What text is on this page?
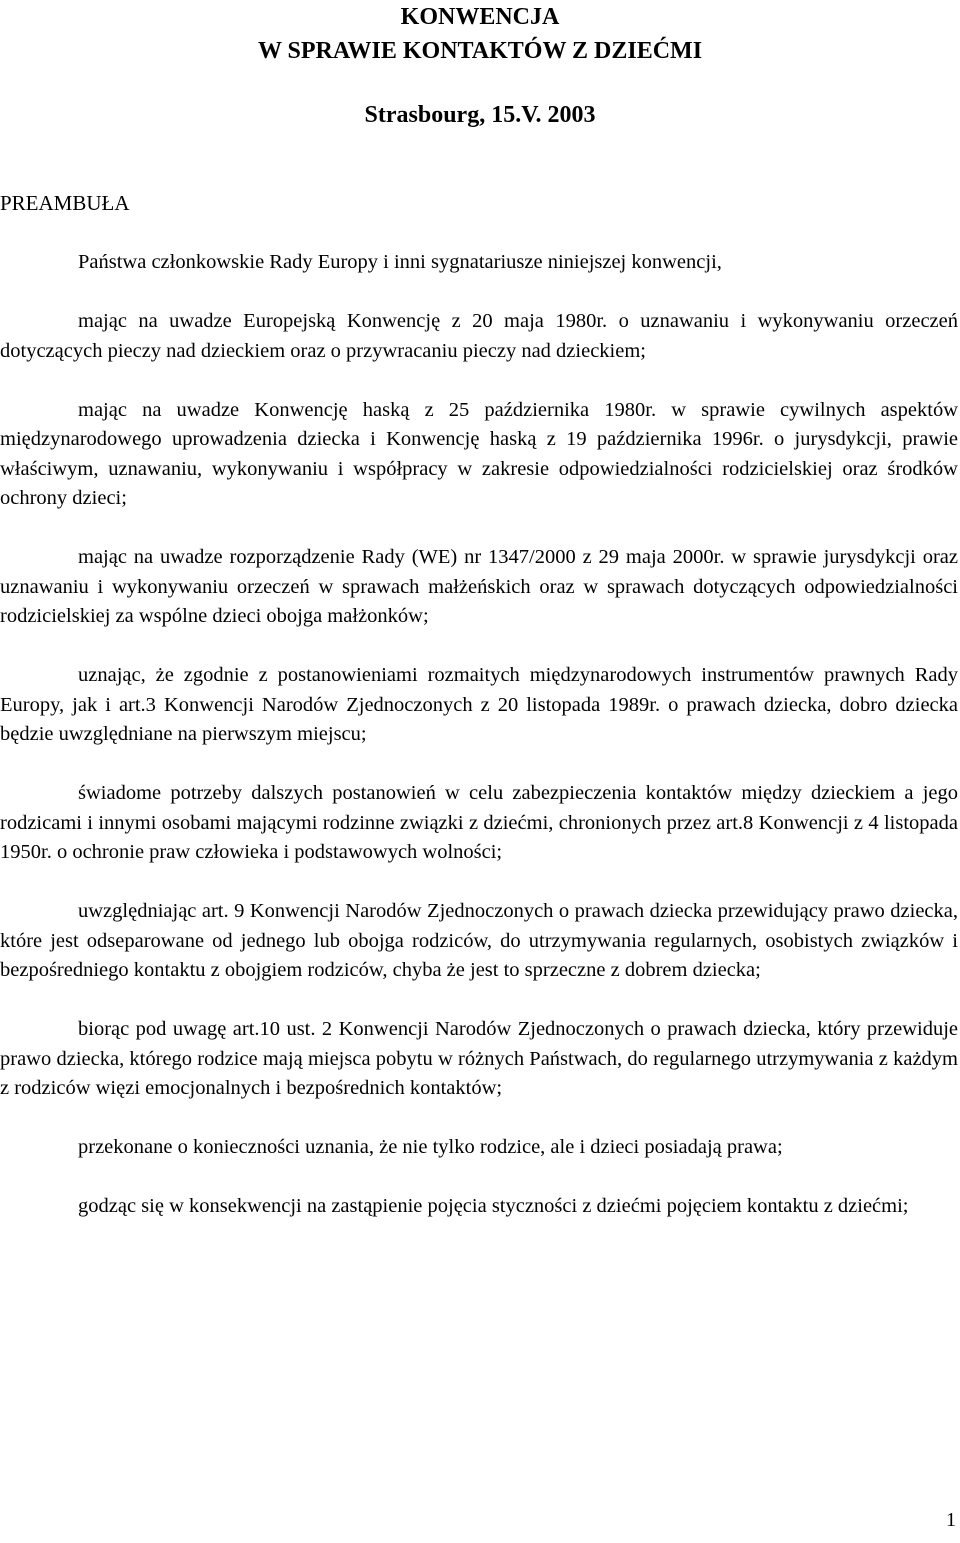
KONWENCJA
W SPRAWIE KONTAKTÓW Z DZIEĆMI
Strasbourg, 15.V. 2003
PREAMBUŁA

Państwa członkowskie Rady Europy i inni sygnatariusze niniejszej konwencji,

mając na uwadze Europejską Konwencję z 20 maja 1980r. o uznawaniu i wykonywaniu orzeczeń dotyczących pieczy nad dzieckiem oraz o przywracaniu pieczy nad dzieckiem;

mając na uwadze Konwencję haską z 25 października 1980r. w sprawie cywilnych aspektów międzynarodowego uprowadzenia dziecka i Konwencję haską z 19 października 1996r. o jurysdykcji, prawie właściwym, uznawaniu, wykonywaniu i współpracy w zakresie odpowiedzialności rodzicielskiej oraz środków ochrony dzieci;

mając na uwadze rozporządzenie Rady (WE) nr 1347/2000 z 29 maja 2000r. w sprawie jurysdykcji oraz uznawaniu i wykonywaniu orzeczeń w sprawach małżeńskich oraz w sprawach dotyczących odpowiedzialności rodzicielskiej za wspólne dzieci obojga małżonków;

uznając, że zgodnie z postanowieniami rozmaitych międzynarodowych instrumentów prawnych Rady Europy, jak i art.3 Konwencji Narodów Zjednoczonych z 20 listopada 1989r. o prawach dziecka, dobro dziecka będzie uwzględniane na pierwszym miejscu;

świadome potrzeby dalszych postanowień w celu zabezpieczenia kontaktów między dzieckiem a jego rodzicami i innymi osobami mającymi rodzinne związki z dziećmi, chronionych przez art.8 Konwencji z 4 listopada 1950r. o ochronie praw człowieka i podstawowych wolności;

uwzględniając art. 9 Konwencji Narodów Zjednoczonych o prawach dziecka przewidujący prawo dziecka, które jest odseparowane od jednego lub obojga rodziców, do utrzymywania regularnych, osobistych związków i bezpośredniego kontaktu z obojgiem rodziców, chyba że jest to sprzeczne z dobrem dziecka;

biorąc pod uwagę art.10 ust. 2 Konwencji Narodów Zjednoczonych o prawach dziecka, który przewiduje prawo dziecka, którego rodzice mają miejsca pobytu w różnych Państwach, do regularnego utrzymywania z każdym z rodziców więzi emocjonalnych i bezpośrednich kontaktów;

przekonane o konieczności uznania, że nie tylko rodzice, ale i dzieci posiadają prawa;

godząc się w konsekwencji na zastąpienie pojęcia styczności z dziećmi pojęciem kontaktu z dziećmi;

1
